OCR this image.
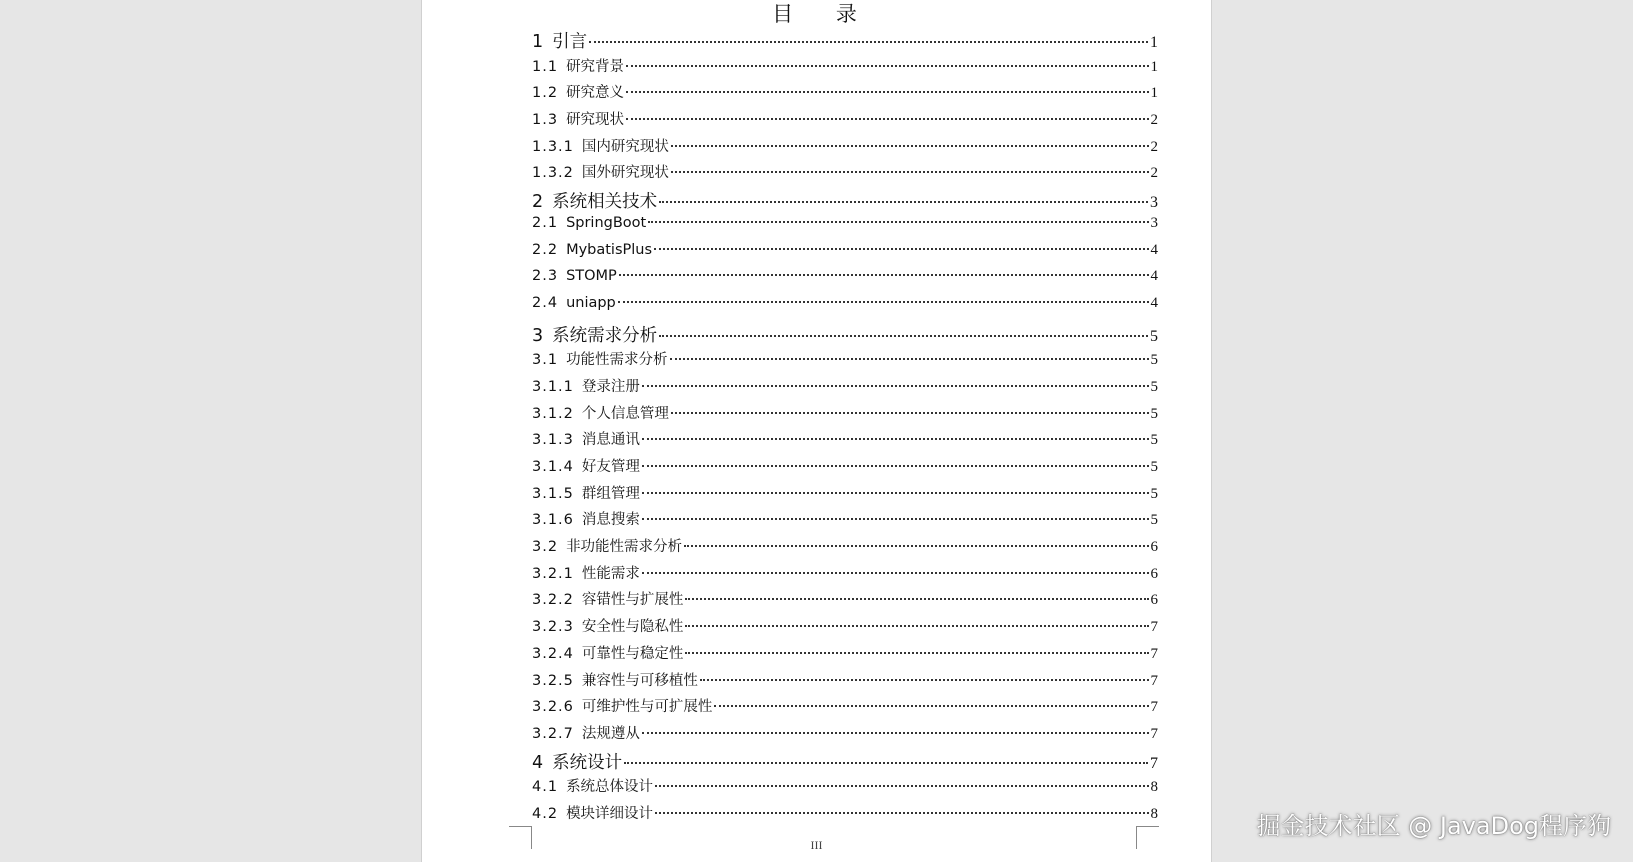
目 录
III
1 引言	1
1.1 研究背景	1
1.2 研究意义	1
1.3 研究现状	2
1.3.1 国内研究现状	2
1.3.2 国外研究现状	2
2 系统相关技术	3
2.1 SpringBoot	3
2.2 MybatisPlus	4
2.3 STOMP	4
2.4 uniapp	4
3 系统需求分析	5
3.1 功能性需求分析	5
3.1.1 登录注册	5
3.1.2 个人信息管理	5
3.1.3 消息通讯	5
3.1.4 好友管理	5
3.1.5 群组管理	5
3.1.6 消息搜索	5
3.2 非功能性需求分析	6
3.2.1 性能需求	6
3.2.2 容错性与扩展性	6
3.2.3 安全性与隐私性	7
3.2.4 可靠性与稳定性	7
3.2.5 兼容性与可移植性	7
3.2.6 可维护性与可扩展性	7
3.2.7 法规遵从	7
4 系统设计	7
4.1 系统总体设计	8
4.2 模块详细设计	8	掘金技术社区 @ JavaDog程序狗
